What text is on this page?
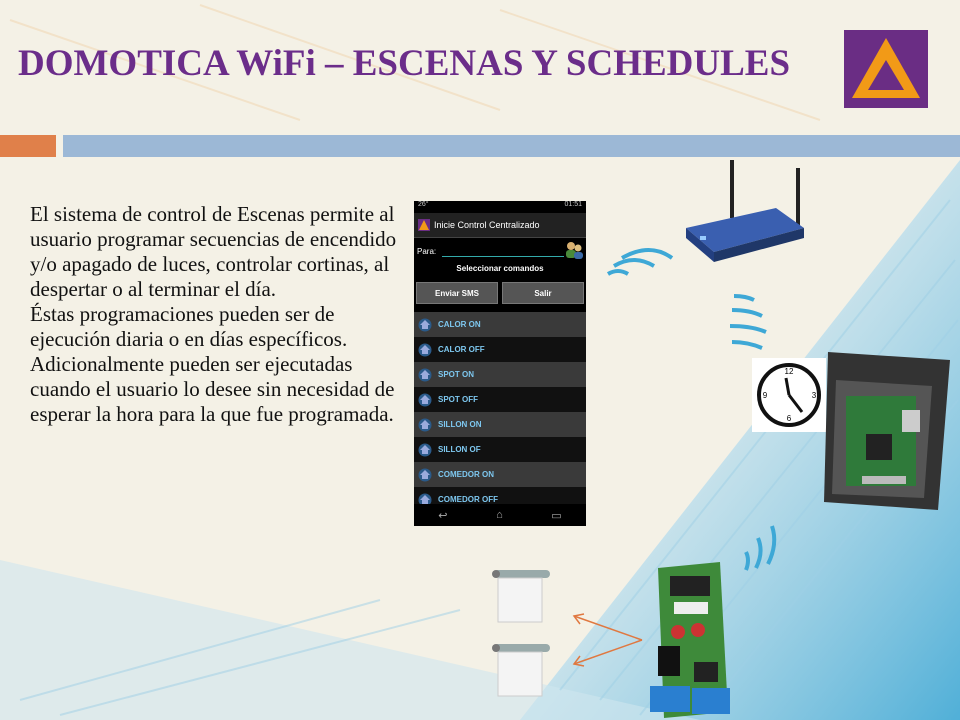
DOMOTICA WiFi – ESCENAS Y SCHEDULES

El sistema de control de Escenas permite al usuario programar secuencias de encendido y/o apagado de luces, controlar cortinas, al despertar o al terminar el día.

Éstas programaciones pueden ser de ejecución diaria o en días específicos. Adicionalmente pueden ser ejecutadas cuando el usuario lo desee sin necesidad de esperar la hora para la que fue programada.

26°	01:51
Inicie Control Centralizado
Para:
Seleccionar comandos
Enviar SMS	Salir
CALOR ON
CALOR OFF
SPOT ON
SPOT OFF
SILLON ON
SILLON OF
COMEDOR ON
COMEDOR OFF
↩	⌂	▭
12
3
6
9
